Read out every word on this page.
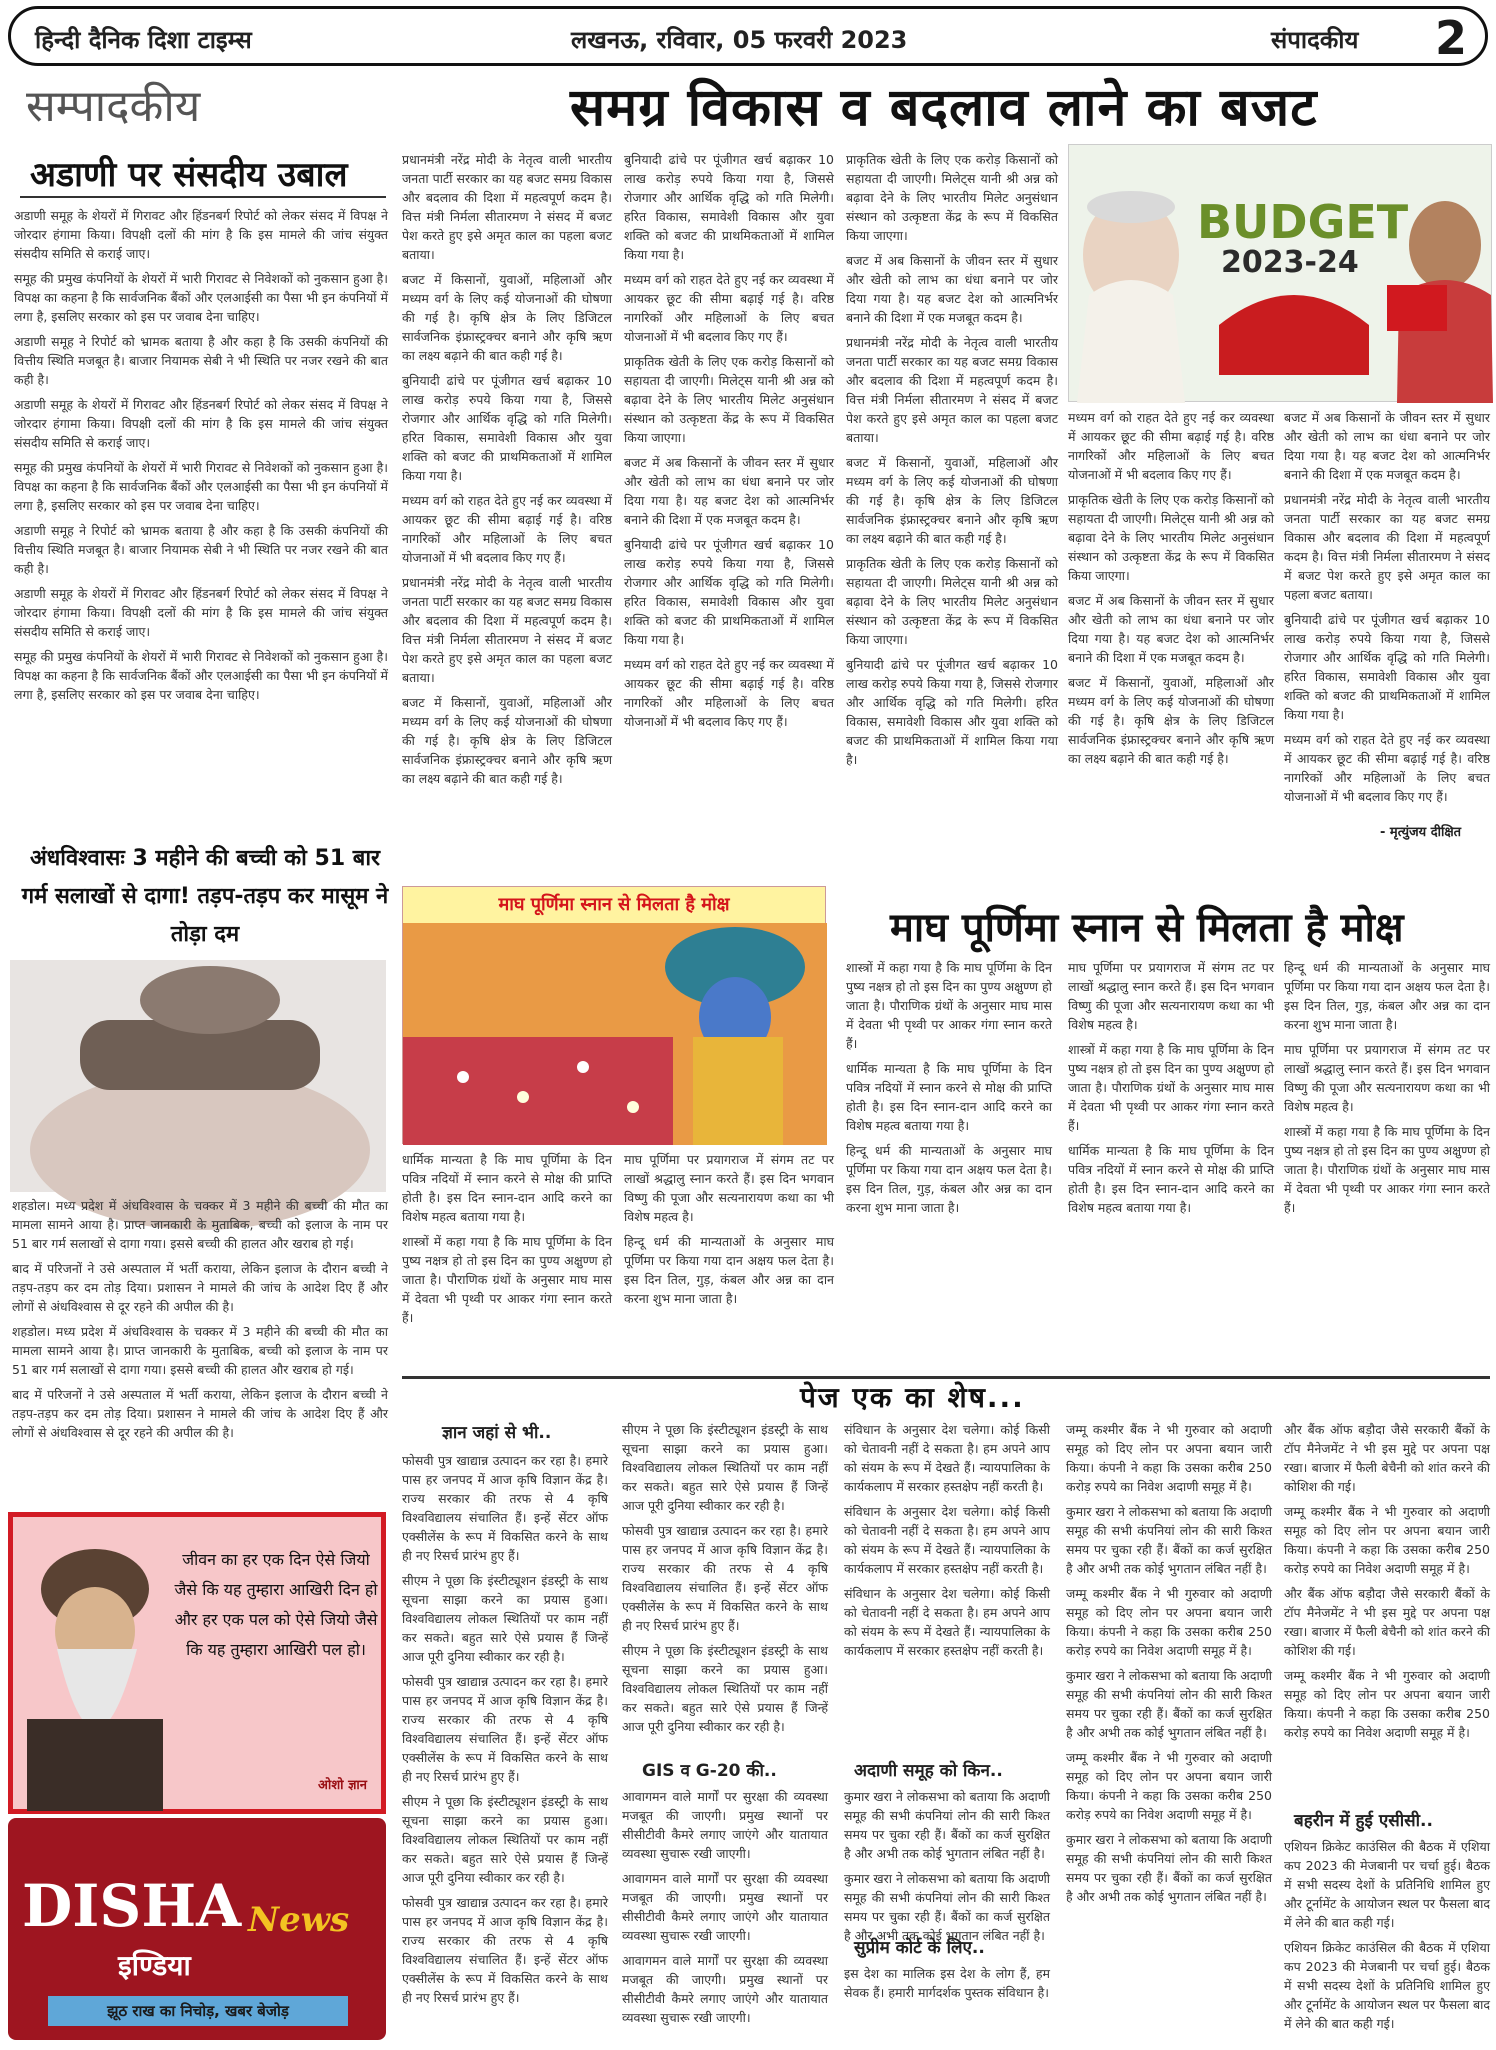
हिन्दी दैनिक दिशा टाइम्स	लखनऊ, रविवार, 05 फरवरी 2023	संपादकीय 2
सम्पादकीय	समग्र विकास व बदलाव लाने का बजट
अडाणी पर संसदीय उबाल

अडाणी समूह के शेयरों में गिरावट और हिंडनबर्ग रिपोर्ट को लेकर संसद में विपक्ष ने जोरदार हंगामा किया। विपक्षी दलों की मांग है कि इस मामले की जांच संयुक्त संसदीय समिति से कराई जाए।

समूह की प्रमुख कंपनियों के शेयरों में भारी गिरावट से निवेशकों को नुकसान हुआ है। विपक्ष का कहना है कि सार्वजनिक बैंकों और एलआईसी का पैसा भी इन कंपनियों में लगा है, इसलिए सरकार को इस पर जवाब देना चाहिए।

अडाणी समूह ने रिपोर्ट को भ्रामक बताया है और कहा है कि उसकी कंपनियों की वित्तीय स्थिति मजबूत है। बाजार नियामक सेबी ने भी स्थिति पर नजर रखने की बात कही है।

अडाणी समूह के शेयरों में गिरावट और हिंडनबर्ग रिपोर्ट को लेकर संसद में विपक्ष ने जोरदार हंगामा किया। विपक्षी दलों की मांग है कि इस मामले की जांच संयुक्त संसदीय समिति से कराई जाए।

समूह की प्रमुख कंपनियों के शेयरों में भारी गिरावट से निवेशकों को नुकसान हुआ है। विपक्ष का कहना है कि सार्वजनिक बैंकों और एलआईसी का पैसा भी इन कंपनियों में लगा है, इसलिए सरकार को इस पर जवाब देना चाहिए।

अडाणी समूह ने रिपोर्ट को भ्रामक बताया है और कहा है कि उसकी कंपनियों की वित्तीय स्थिति मजबूत है। बाजार नियामक सेबी ने भी स्थिति पर नजर रखने की बात कही है।

अडाणी समूह के शेयरों में गिरावट और हिंडनबर्ग रिपोर्ट को लेकर संसद में विपक्ष ने जोरदार हंगामा किया। विपक्षी दलों की मांग है कि इस मामले की जांच संयुक्त संसदीय समिति से कराई जाए।

समूह की प्रमुख कंपनियों के शेयरों में भारी गिरावट से निवेशकों को नुकसान हुआ है। विपक्ष का कहना है कि सार्वजनिक बैंकों और एलआईसी का पैसा भी इन कंपनियों में लगा है, इसलिए सरकार को इस पर जवाब देना चाहिए।

अंधविश्वासः 3 महीने की बच्ची को 51 बार गर्म सलाखों से दागा! तड़प-तड़प कर मासूम ने तोड़ा दम

शहडोल। मध्य प्रदेश में अंधविश्वास के चक्कर में 3 महीने की बच्ची की मौत का मामला सामने आया है। प्राप्त जानकारी के मुताबिक, बच्ची को इलाज के नाम पर 51 बार गर्म सलाखों से दागा गया। इससे बच्ची की हालत और खराब हो गई।

बाद में परिजनों ने उसे अस्पताल में भर्ती कराया, लेकिन इलाज के दौरान बच्ची ने तड़प-तड़प कर दम तोड़ दिया। प्रशासन ने मामले की जांच के आदेश दिए हैं और लोगों से अंधविश्वास से दूर रहने की अपील की है।

शहडोल। मध्य प्रदेश में अंधविश्वास के चक्कर में 3 महीने की बच्ची की मौत का मामला सामने आया है। प्राप्त जानकारी के मुताबिक, बच्ची को इलाज के नाम पर 51 बार गर्म सलाखों से दागा गया। इससे बच्ची की हालत और खराब हो गई।

बाद में परिजनों ने उसे अस्पताल में भर्ती कराया, लेकिन इलाज के दौरान बच्ची ने तड़प-तड़प कर दम तोड़ दिया। प्रशासन ने मामले की जांच के आदेश दिए हैं और लोगों से अंधविश्वास से दूर रहने की अपील की है।

जीवन का हर एक दिन ऐसे जियो जैसे कि यह तुम्हारा आखिरी दिन हो और हर एक पल को ऐसे जियो जैसे कि यह तुम्हारा आखिरी पल हो।
ओशो ज्ञान
DISHA News
इण्डिया
झूठ राख का निचोड़, खबर बेजोड़

प्रधानमंत्री नरेंद्र मोदी के नेतृत्व वाली भारतीय जनता पार्टी सरकार का यह बजट समग्र विकास और बदलाव की दिशा में महत्वपूर्ण कदम है। वित्त मंत्री निर्मला सीतारमण ने संसद में बजट पेश करते हुए इसे अमृत काल का पहला बजट बताया।

बजट में किसानों, युवाओं, महिलाओं और मध्यम वर्ग के लिए कई योजनाओं की घोषणा की गई है। कृषि क्षेत्र के लिए डिजिटल सार्वजनिक इंफ्रास्ट्रक्चर बनाने और कृषि ऋण का लक्ष्य बढ़ाने की बात कही गई है।

बुनियादी ढांचे पर पूंजीगत खर्च बढ़ाकर 10 लाख करोड़ रुपये किया गया है, जिससे रोजगार और आर्थिक वृद्धि को गति मिलेगी। हरित विकास, समावेशी विकास और युवा शक्ति को बजट की प्राथमिकताओं में शामिल किया गया है।

मध्यम वर्ग को राहत देते हुए नई कर व्यवस्था में आयकर छूट की सीमा बढ़ाई गई है। वरिष्ठ नागरिकों और महिलाओं के लिए बचत योजनाओं में भी बदलाव किए गए हैं।

प्रधानमंत्री नरेंद्र मोदी के नेतृत्व वाली भारतीय जनता पार्टी सरकार का यह बजट समग्र विकास और बदलाव की दिशा में महत्वपूर्ण कदम है। वित्त मंत्री निर्मला सीतारमण ने संसद में बजट पेश करते हुए इसे अमृत काल का पहला बजट बताया।

बजट में किसानों, युवाओं, महिलाओं और मध्यम वर्ग के लिए कई योजनाओं की घोषणा की गई है। कृषि क्षेत्र के लिए डिजिटल सार्वजनिक इंफ्रास्ट्रक्चर बनाने और कृषि ऋण का लक्ष्य बढ़ाने की बात कही गई है।

बुनियादी ढांचे पर पूंजीगत खर्च बढ़ाकर 10 लाख करोड़ रुपये किया गया है, जिससे रोजगार और आर्थिक वृद्धि को गति मिलेगी। हरित विकास, समावेशी विकास और युवा शक्ति को बजट की प्राथमिकताओं में शामिल किया गया है।

मध्यम वर्ग को राहत देते हुए नई कर व्यवस्था में आयकर छूट की सीमा बढ़ाई गई है। वरिष्ठ नागरिकों और महिलाओं के लिए बचत योजनाओं में भी बदलाव किए गए हैं।

प्राकृतिक खेती के लिए एक करोड़ किसानों को सहायता दी जाएगी। मिलेट्स यानी श्री अन्न को बढ़ावा देने के लिए भारतीय मिलेट अनुसंधान संस्थान को उत्कृष्टता केंद्र के रूप में विकसित किया जाएगा।

बजट में अब किसानों के जीवन स्तर में सुधार और खेती को लाभ का धंधा बनाने पर जोर दिया गया है। यह बजट देश को आत्मनिर्भर बनाने की दिशा में एक मजबूत कदम है।

बुनियादी ढांचे पर पूंजीगत खर्च बढ़ाकर 10 लाख करोड़ रुपये किया गया है, जिससे रोजगार और आर्थिक वृद्धि को गति मिलेगी। हरित विकास, समावेशी विकास और युवा शक्ति को बजट की प्राथमिकताओं में शामिल किया गया है।

मध्यम वर्ग को राहत देते हुए नई कर व्यवस्था में आयकर छूट की सीमा बढ़ाई गई है। वरिष्ठ नागरिकों और महिलाओं के लिए बचत योजनाओं में भी बदलाव किए गए हैं।

प्राकृतिक खेती के लिए एक करोड़ किसानों को सहायता दी जाएगी। मिलेट्स यानी श्री अन्न को बढ़ावा देने के लिए भारतीय मिलेट अनुसंधान संस्थान को उत्कृष्टता केंद्र के रूप में विकसित किया जाएगा।

बजट में अब किसानों के जीवन स्तर में सुधार और खेती को लाभ का धंधा बनाने पर जोर दिया गया है। यह बजट देश को आत्मनिर्भर बनाने की दिशा में एक मजबूत कदम है।

प्रधानमंत्री नरेंद्र मोदी के नेतृत्व वाली भारतीय जनता पार्टी सरकार का यह बजट समग्र विकास और बदलाव की दिशा में महत्वपूर्ण कदम है। वित्त मंत्री निर्मला सीतारमण ने संसद में बजट पेश करते हुए इसे अमृत काल का पहला बजट बताया।

बजट में किसानों, युवाओं, महिलाओं और मध्यम वर्ग के लिए कई योजनाओं की घोषणा की गई है। कृषि क्षेत्र के लिए डिजिटल सार्वजनिक इंफ्रास्ट्रक्चर बनाने और कृषि ऋण का लक्ष्य बढ़ाने की बात कही गई है।

प्राकृतिक खेती के लिए एक करोड़ किसानों को सहायता दी जाएगी। मिलेट्स यानी श्री अन्न को बढ़ावा देने के लिए भारतीय मिलेट अनुसंधान संस्थान को उत्कृष्टता केंद्र के रूप में विकसित किया जाएगा।

बुनियादी ढांचे पर पूंजीगत खर्च बढ़ाकर 10 लाख करोड़ रुपये किया गया है, जिससे रोजगार और आर्थिक वृद्धि को गति मिलेगी। हरित विकास, समावेशी विकास और युवा शक्ति को बजट की प्राथमिकताओं में शामिल किया गया है।

BUDGET
2023-24

मध्यम वर्ग को राहत देते हुए नई कर व्यवस्था में आयकर छूट की सीमा बढ़ाई गई है। वरिष्ठ नागरिकों और महिलाओं के लिए बचत योजनाओं में भी बदलाव किए गए हैं।

प्राकृतिक खेती के लिए एक करोड़ किसानों को सहायता दी जाएगी। मिलेट्स यानी श्री अन्न को बढ़ावा देने के लिए भारतीय मिलेट अनुसंधान संस्थान को उत्कृष्टता केंद्र के रूप में विकसित किया जाएगा।

बजट में अब किसानों के जीवन स्तर में सुधार और खेती को लाभ का धंधा बनाने पर जोर दिया गया है। यह बजट देश को आत्मनिर्भर बनाने की दिशा में एक मजबूत कदम है।

बजट में किसानों, युवाओं, महिलाओं और मध्यम वर्ग के लिए कई योजनाओं की घोषणा की गई है। कृषि क्षेत्र के लिए डिजिटल सार्वजनिक इंफ्रास्ट्रक्चर बनाने और कृषि ऋण का लक्ष्य बढ़ाने की बात कही गई है।

बजट में अब किसानों के जीवन स्तर में सुधार और खेती को लाभ का धंधा बनाने पर जोर दिया गया है। यह बजट देश को आत्मनिर्भर बनाने की दिशा में एक मजबूत कदम है।

प्रधानमंत्री नरेंद्र मोदी के नेतृत्व वाली भारतीय जनता पार्टी सरकार का यह बजट समग्र विकास और बदलाव की दिशा में महत्वपूर्ण कदम है। वित्त मंत्री निर्मला सीतारमण ने संसद में बजट पेश करते हुए इसे अमृत काल का पहला बजट बताया।

बुनियादी ढांचे पर पूंजीगत खर्च बढ़ाकर 10 लाख करोड़ रुपये किया गया है, जिससे रोजगार और आर्थिक वृद्धि को गति मिलेगी। हरित विकास, समावेशी विकास और युवा शक्ति को बजट की प्राथमिकताओं में शामिल किया गया है।

मध्यम वर्ग को राहत देते हुए नई कर व्यवस्था में आयकर छूट की सीमा बढ़ाई गई है। वरिष्ठ नागरिकों और महिलाओं के लिए बचत योजनाओं में भी बदलाव किए गए हैं।

- मृत्युंजय दीक्षित
माघ पूर्णिमा स्नान से मिलता है मोक्ष
माघ पूर्णिमा स्नान से मिलता है मोक्ष

धार्मिक मान्यता है कि माघ पूर्णिमा के दिन पवित्र नदियों में स्नान करने से मोक्ष की प्राप्ति होती है। इस दिन स्नान-दान आदि करने का विशेष महत्व बताया गया है।

शास्त्रों में कहा गया है कि माघ पूर्णिमा के दिन पुष्य नक्षत्र हो तो इस दिन का पुण्य अक्षुण्ण हो जाता है। पौराणिक ग्रंथों के अनुसार माघ मास में देवता भी पृथ्वी पर आकर गंगा स्नान करते हैं।

माघ पूर्णिमा पर प्रयागराज में संगम तट पर लाखों श्रद्धालु स्नान करते हैं। इस दिन भगवान विष्णु की पूजा और सत्यनारायण कथा का भी विशेष महत्व है।

हिन्दू धर्म की मान्यताओं के अनुसार माघ पूर्णिमा पर किया गया दान अक्षय फल देता है। इस दिन तिल, गुड़, कंबल और अन्न का दान करना शुभ माना जाता है।

शास्त्रों में कहा गया है कि माघ पूर्णिमा के दिन पुष्य नक्षत्र हो तो इस दिन का पुण्य अक्षुण्ण हो जाता है। पौराणिक ग्रंथों के अनुसार माघ मास में देवता भी पृथ्वी पर आकर गंगा स्नान करते हैं।

धार्मिक मान्यता है कि माघ पूर्णिमा के दिन पवित्र नदियों में स्नान करने से मोक्ष की प्राप्ति होती है। इस दिन स्नान-दान आदि करने का विशेष महत्व बताया गया है।

हिन्दू धर्म की मान्यताओं के अनुसार माघ पूर्णिमा पर किया गया दान अक्षय फल देता है। इस दिन तिल, गुड़, कंबल और अन्न का दान करना शुभ माना जाता है।

माघ पूर्णिमा पर प्रयागराज में संगम तट पर लाखों श्रद्धालु स्नान करते हैं। इस दिन भगवान विष्णु की पूजा और सत्यनारायण कथा का भी विशेष महत्व है।

शास्त्रों में कहा गया है कि माघ पूर्णिमा के दिन पुष्य नक्षत्र हो तो इस दिन का पुण्य अक्षुण्ण हो जाता है। पौराणिक ग्रंथों के अनुसार माघ मास में देवता भी पृथ्वी पर आकर गंगा स्नान करते हैं।

धार्मिक मान्यता है कि माघ पूर्णिमा के दिन पवित्र नदियों में स्नान करने से मोक्ष की प्राप्ति होती है। इस दिन स्नान-दान आदि करने का विशेष महत्व बताया गया है।

हिन्दू धर्म की मान्यताओं के अनुसार माघ पूर्णिमा पर किया गया दान अक्षय फल देता है। इस दिन तिल, गुड़, कंबल और अन्न का दान करना शुभ माना जाता है।

माघ पूर्णिमा पर प्रयागराज में संगम तट पर लाखों श्रद्धालु स्नान करते हैं। इस दिन भगवान विष्णु की पूजा और सत्यनारायण कथा का भी विशेष महत्व है।

शास्त्रों में कहा गया है कि माघ पूर्णिमा के दिन पुष्य नक्षत्र हो तो इस दिन का पुण्य अक्षुण्ण हो जाता है। पौराणिक ग्रंथों के अनुसार माघ मास में देवता भी पृथ्वी पर आकर गंगा स्नान करते हैं।

पेज एक का शेष...
ज्ञान जहां से भी..

फोसवी पुत्र खाद्यान्न उत्पादन कर रहा है। हमारे पास हर जनपद में आज कृषि विज्ञान केंद्र है। राज्य सरकार की तरफ से 4 कृषि विश्वविद्यालय संचालित हैं। इन्हें सेंटर ऑफ एक्सीलेंस के रूप में विकसित करने के साथ ही नए रिसर्च प्रारंभ हुए हैं।

सीएम ने पूछा कि इंस्टीट्यूशन इंडस्ट्री के साथ सूचना साझा करने का प्रयास हुआ। विश्वविद्यालय लोकल स्थितियों पर काम नहीं कर सकते। बहुत सारे ऐसे प्रयास हैं जिन्हें आज पूरी दुनिया स्वीकार कर रही है।

फोसवी पुत्र खाद्यान्न उत्पादन कर रहा है। हमारे पास हर जनपद में आज कृषि विज्ञान केंद्र है। राज्य सरकार की तरफ से 4 कृषि विश्वविद्यालय संचालित हैं। इन्हें सेंटर ऑफ एक्सीलेंस के रूप में विकसित करने के साथ ही नए रिसर्च प्रारंभ हुए हैं।

सीएम ने पूछा कि इंस्टीट्यूशन इंडस्ट्री के साथ सूचना साझा करने का प्रयास हुआ। विश्वविद्यालय लोकल स्थितियों पर काम नहीं कर सकते। बहुत सारे ऐसे प्रयास हैं जिन्हें आज पूरी दुनिया स्वीकार कर रही है।

फोसवी पुत्र खाद्यान्न उत्पादन कर रहा है। हमारे पास हर जनपद में आज कृषि विज्ञान केंद्र है। राज्य सरकार की तरफ से 4 कृषि विश्वविद्यालय संचालित हैं। इन्हें सेंटर ऑफ एक्सीलेंस के रूप में विकसित करने के साथ ही नए रिसर्च प्रारंभ हुए हैं।

सीएम ने पूछा कि इंस्टीट्यूशन इंडस्ट्री के साथ सूचना साझा करने का प्रयास हुआ। विश्वविद्यालय लोकल स्थितियों पर काम नहीं कर सकते। बहुत सारे ऐसे प्रयास हैं जिन्हें आज पूरी दुनिया स्वीकार कर रही है।

फोसवी पुत्र खाद्यान्न उत्पादन कर रहा है। हमारे पास हर जनपद में आज कृषि विज्ञान केंद्र है। राज्य सरकार की तरफ से 4 कृषि विश्वविद्यालय संचालित हैं। इन्हें सेंटर ऑफ एक्सीलेंस के रूप में विकसित करने के साथ ही नए रिसर्च प्रारंभ हुए हैं।

सीएम ने पूछा कि इंस्टीट्यूशन इंडस्ट्री के साथ सूचना साझा करने का प्रयास हुआ। विश्वविद्यालय लोकल स्थितियों पर काम नहीं कर सकते। बहुत सारे ऐसे प्रयास हैं जिन्हें आज पूरी दुनिया स्वीकार कर रही है।

GIS व G-20 की..

आवागमन वाले मार्गों पर सुरक्षा की व्यवस्था मजबूत की जाएगी। प्रमुख स्थानों पर सीसीटीवी कैमरे लगाए जाएंगे और यातायात व्यवस्था सुचारू रखी जाएगी।

आवागमन वाले मार्गों पर सुरक्षा की व्यवस्था मजबूत की जाएगी। प्रमुख स्थानों पर सीसीटीवी कैमरे लगाए जाएंगे और यातायात व्यवस्था सुचारू रखी जाएगी।

आवागमन वाले मार्गों पर सुरक्षा की व्यवस्था मजबूत की जाएगी। प्रमुख स्थानों पर सीसीटीवी कैमरे लगाए जाएंगे और यातायात व्यवस्था सुचारू रखी जाएगी।

संविधान के अनुसार देश चलेगा। कोई किसी को चेतावनी नहीं दे सकता है। हम अपने आप को संयम के रूप में देखते हैं। न्यायपालिका के कार्यकलाप में सरकार हस्तक्षेप नहीं करती है।

संविधान के अनुसार देश चलेगा। कोई किसी को चेतावनी नहीं दे सकता है। हम अपने आप को संयम के रूप में देखते हैं। न्यायपालिका के कार्यकलाप में सरकार हस्तक्षेप नहीं करती है।

संविधान के अनुसार देश चलेगा। कोई किसी को चेतावनी नहीं दे सकता है। हम अपने आप को संयम के रूप में देखते हैं। न्यायपालिका के कार्यकलाप में सरकार हस्तक्षेप नहीं करती है।

अदाणी समूह को किन..

कुमार खरा ने लोकसभा को बताया कि अदाणी समूह की सभी कंपनियां लोन की सारी किश्त समय पर चुका रही हैं। बैंकों का कर्ज सुरक्षित है और अभी तक कोई भुगतान लंबित नहीं है।

कुमार खरा ने लोकसभा को बताया कि अदाणी समूह की सभी कंपनियां लोन की सारी किश्त समय पर चुका रही हैं। बैंकों का कर्ज सुरक्षित है और अभी तक कोई भुगतान लंबित नहीं है।

सुप्रीम कोर्ट के लिए..

इस देश का मालिक इस देश के लोग हैं, हम सेवक हैं। हमारी मार्गदर्शक पुस्तक संविधान है।

जम्मू कश्मीर बैंक ने भी गुरुवार को अदाणी समूह को दिए लोन पर अपना बयान जारी किया। कंपनी ने कहा कि उसका करीब 250 करोड़ रुपये का निवेश अदाणी समूह में है।

कुमार खरा ने लोकसभा को बताया कि अदाणी समूह की सभी कंपनियां लोन की सारी किश्त समय पर चुका रही हैं। बैंकों का कर्ज सुरक्षित है और अभी तक कोई भुगतान लंबित नहीं है।

जम्मू कश्मीर बैंक ने भी गुरुवार को अदाणी समूह को दिए लोन पर अपना बयान जारी किया। कंपनी ने कहा कि उसका करीब 250 करोड़ रुपये का निवेश अदाणी समूह में है।

कुमार खरा ने लोकसभा को बताया कि अदाणी समूह की सभी कंपनियां लोन की सारी किश्त समय पर चुका रही हैं। बैंकों का कर्ज सुरक्षित है और अभी तक कोई भुगतान लंबित नहीं है।

जम्मू कश्मीर बैंक ने भी गुरुवार को अदाणी समूह को दिए लोन पर अपना बयान जारी किया। कंपनी ने कहा कि उसका करीब 250 करोड़ रुपये का निवेश अदाणी समूह में है।

कुमार खरा ने लोकसभा को बताया कि अदाणी समूह की सभी कंपनियां लोन की सारी किश्त समय पर चुका रही हैं। बैंकों का कर्ज सुरक्षित है और अभी तक कोई भुगतान लंबित नहीं है।

और बैंक ऑफ बड़ौदा जैसे सरकारी बैंकों के टॉप मैनेजमेंट ने भी इस मुद्दे पर अपना पक्ष रखा। बाजार में फैली बेचैनी को शांत करने की कोशिश की गई।

जम्मू कश्मीर बैंक ने भी गुरुवार को अदाणी समूह को दिए लोन पर अपना बयान जारी किया। कंपनी ने कहा कि उसका करीब 250 करोड़ रुपये का निवेश अदाणी समूह में है।

और बैंक ऑफ बड़ौदा जैसे सरकारी बैंकों के टॉप मैनेजमेंट ने भी इस मुद्दे पर अपना पक्ष रखा। बाजार में फैली बेचैनी को शांत करने की कोशिश की गई।

जम्मू कश्मीर बैंक ने भी गुरुवार को अदाणी समूह को दिए लोन पर अपना बयान जारी किया। कंपनी ने कहा कि उसका करीब 250 करोड़ रुपये का निवेश अदाणी समूह में है।

बहरीन में हुई एसीसी..

एशियन क्रिकेट काउंसिल की बैठक में एशिया कप 2023 की मेजबानी पर चर्चा हुई। बैठक में सभी सदस्य देशों के प्रतिनिधि शामिल हुए और टूर्नामेंट के आयोजन स्थल पर फैसला बाद में लेने की बात कही गई।

एशियन क्रिकेट काउंसिल की बैठक में एशिया कप 2023 की मेजबानी पर चर्चा हुई। बैठक में सभी सदस्य देशों के प्रतिनिधि शामिल हुए और टूर्नामेंट के आयोजन स्थल पर फैसला बाद में लेने की बात कही गई।
